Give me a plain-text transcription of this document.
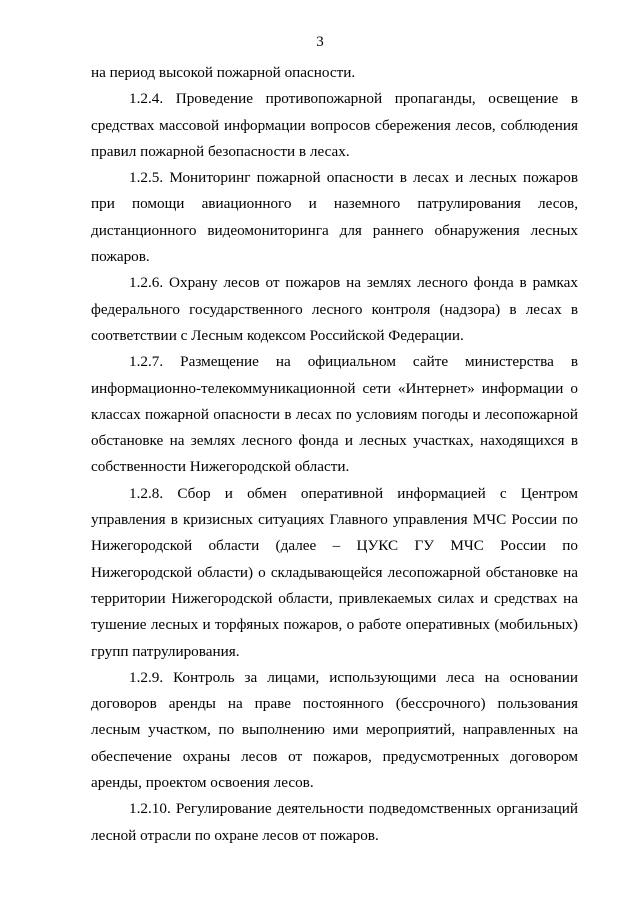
3

на период высокой пожарной опасности.

1.2.4. Проведение противопожарной пропаганды, освещение в средствах массовой информации вопросов сбережения лесов, соблюдения правил пожарной безопасности в лесах.

1.2.5. Мониторинг пожарной опасности в лесах и лесных пожаров при помощи авиационного и наземного патрулирования лесов, дистанционного видеомониторинга для раннего обнаружения лесных пожаров.

1.2.6. Охрану лесов от пожаров на землях лесного фонда в рамках федерального государственного лесного контроля (надзора) в лесах в соответствии с Лесным кодексом Российской Федерации.

1.2.7. Размещение на официальном сайте министерства в информационно-телекоммуникационной сети «Интернет» информации о классах пожарной опасности в лесах по условиям погоды и лесопожарной обстановке на землях лесного фонда и лесных участках, находящихся в собственности Нижегородской области.

1.2.8. Сбор и обмен оперативной информацией с Центром управления в кризисных ситуациях Главного управления МЧС России по Нижегородской области (далее – ЦУКС ГУ МЧС России по Нижегородской области) о складывающейся лесопожарной обстановке на территории Нижегородской области, привлекаемых силах и средствах на тушение лесных и торфяных пожаров, о работе оперативных (мобильных) групп патрулирования.

1.2.9. Контроль за лицами, использующими леса на основании договоров аренды на праве постоянного (бессрочного) пользования лесным участком, по выполнению ими мероприятий, направленных на обеспечение охраны лесов от пожаров, предусмотренных договором аренды, проектом освоения лесов.

1.2.10. Регулирование деятельности подведомственных организаций лесной отрасли по охране лесов от пожаров.
